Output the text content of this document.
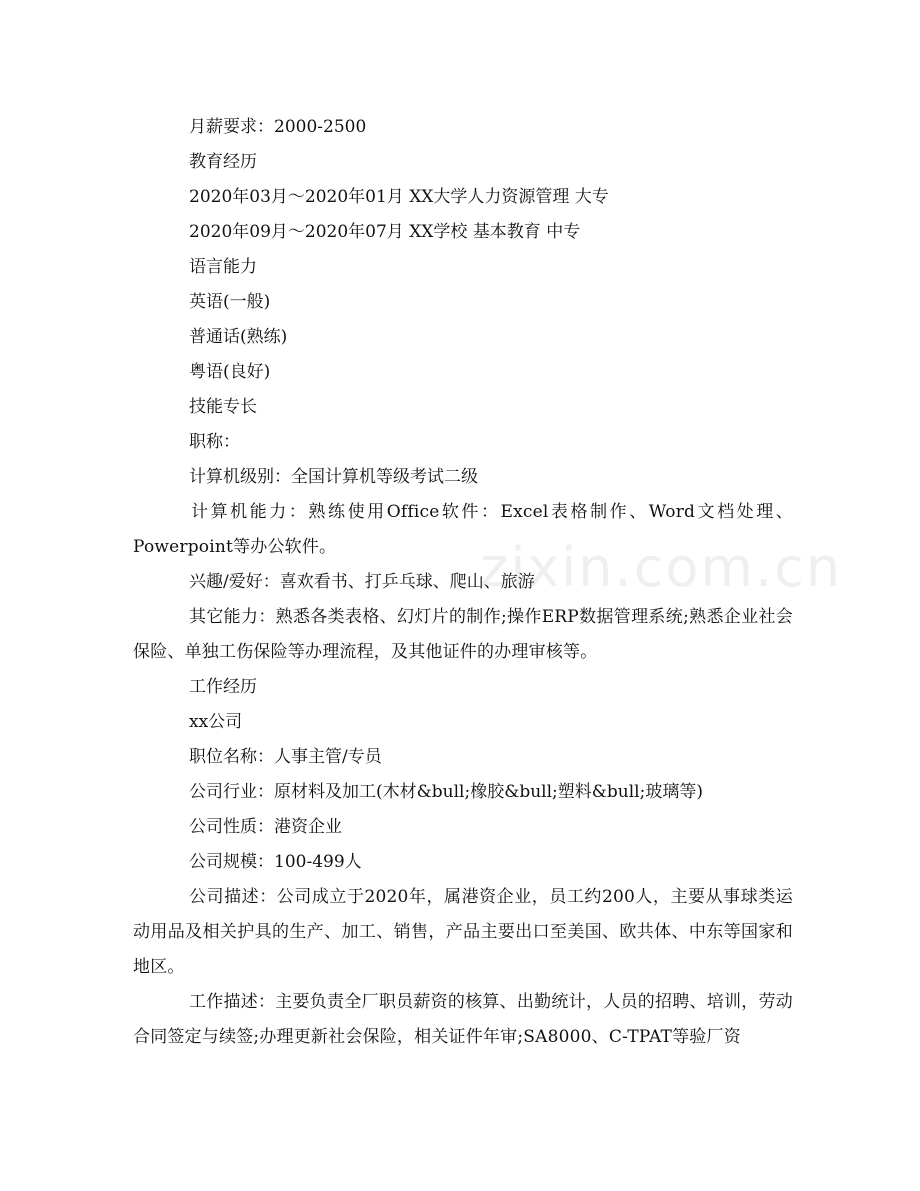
zixin.com.cn

月薪要求：2000-2500

教育经历

2020年03月～2020年01月 XX大学人力资源管理 大专

2020年09月～2020年07月 XX学校 基本教育 中专

语言能力

英语(一般)

普通话(熟练)

粤语(良好)

技能专长

职称：

计算机级别：全国计算机等级考试二级

计算机能力：熟练使用Office软件：Excel表格制作、Word文档处理、Powerpoint等办公软件。

兴趣/爱好：喜欢看书、打乒乓球、爬山、旅游

其它能力：熟悉各类表格、幻灯片的制作;操作ERP数据管理系统;熟悉企业社会保险、单独工伤保险等办理流程，及其他证件的办理审核等。

工作经历

xx公司

职位名称：人事主管/专员

公司行业：原材料及加工(木材&bull;橡胶&bull;塑料&bull;玻璃等)

公司性质：港资企业

公司规模：100-499人

公司描述：公司成立于2020年，属港资企业，员工约200人，主要从事球类运动用品及相关护具的生产、加工、销售，产品主要出口至美国、欧共体、中东等国家和地区。

工作描述：主要负责全厂职员薪资的核算、出勤统计，人员的招聘、培训，劳动合同签定与续签;办理更新社会保险，相关证件年审;SA8000、C-TPAT等验厂资
